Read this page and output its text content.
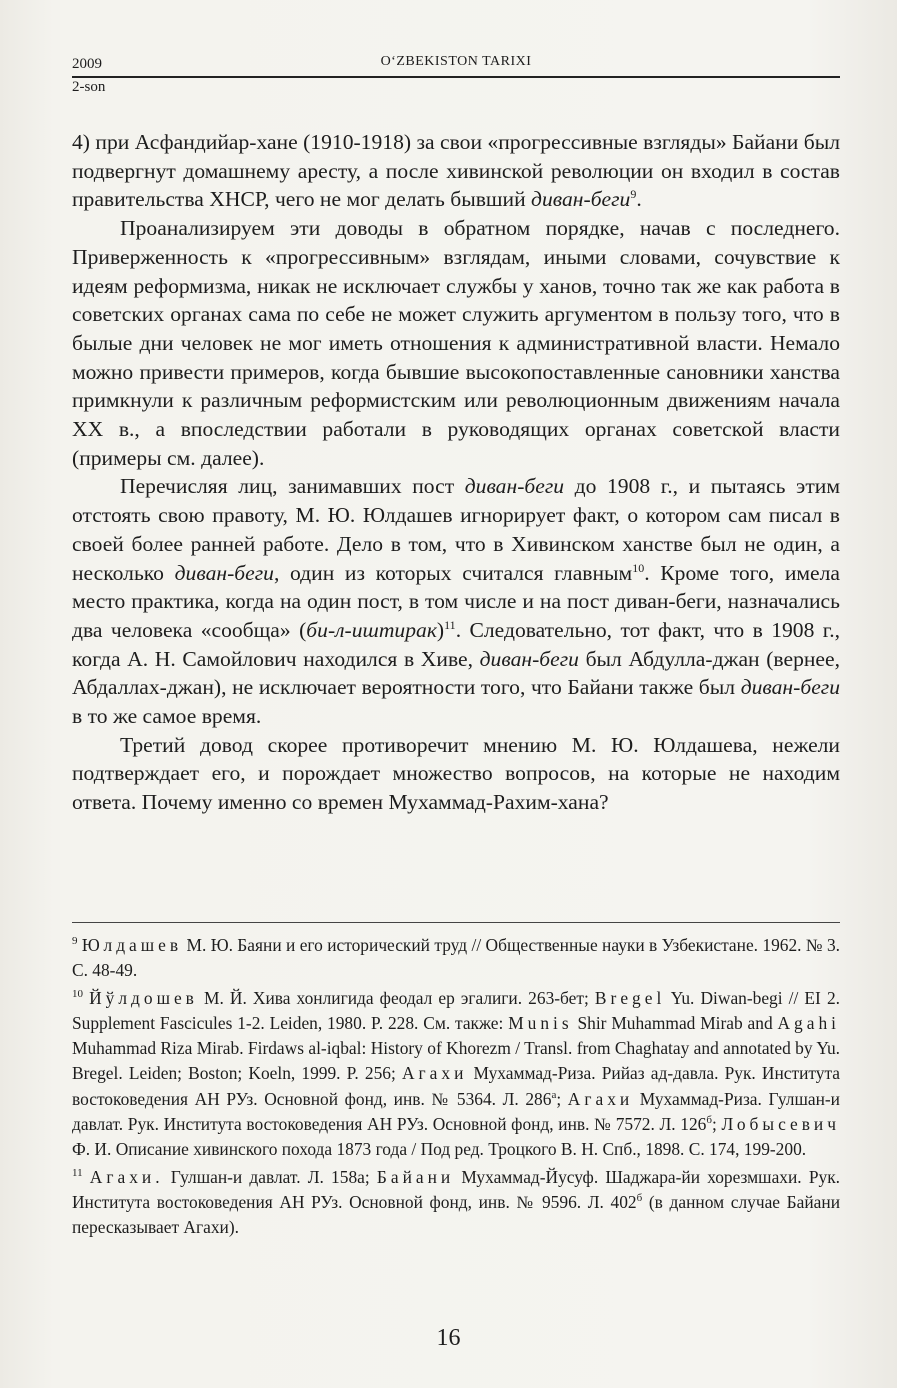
2009	O‘ZBEKISTON TARIXI
2-son

4) при Асфандийар-хане (1910-1918) за свои «прогрессивные взгляды» Байани был подвергнут домашнему аресту, а после хивинской революции он входил в состав правительства ХНСР, чего не мог делать бывший диван-беги$^9$.

Проанализируем эти доводы в обратном порядке, начав с последнего. Приверженность к «прогрессивным» взглядам, иными словами, сочувствие к идеям реформизма, никак не исключает службы у ханов, точно так же как работа в советских органах сама по себе не может служить аргументом в пользу того, что в былые дни человек не мог иметь отношения к административной власти. Немало можно привести примеров, когда бывшие высокопоставленные сановники ханства примкнули к различным реформистским или революционным движениям начала XX в., а впоследствии работали в руководящих органах советской власти (примеры см. далее).

Перечисляя лиц, занимавших пост диван-беги до 1908 г., и пытаясь этим отстоять свою правоту, М. Ю. Юлдашев игнорирует факт, о котором сам писал в своей более ранней работе. Дело в том, что в Хивинском ханстве был не один, а несколько диван-беги, один из которых считался главным$^{10}$. Кроме того, имела место практика, когда на один пост, в том числе и на пост диван-беги, назначались два человека «сообща» (би-л-иштирак)$^{11}$. Следовательно, тот факт, что в 1908 г., когда А. Н. Самойлович находился в Хиве, диван-беги был Абдулла-джан (вернее, Абдаллах-джан), не исключает вероятности того, что Байани также был диван-беги в то же самое время.

Третий довод скорее противоречит мнению М. Ю. Юлдашева, нежели подтверждает его, и порождает множество вопросов, на которые не находим ответа. Почему именно со времен Мухаммад-Рахим-хана?

$^9$ Юлдашев М. Ю. Баяни и его исторический труд // Общественные науки в Узбекистане. 1962. № 3. С. 48-49.

$^{10}$ Йўлдошев М. Й. Хива хонлигида феодал ер эгалиги. 263-бет; Bregel Yu. Diwan-begi // EI 2. Supplement Fascicules 1-2. Leiden, 1980. P. 228. См. также: Munis Shir Muhammad Mirab and Agahi Muhammad Riza Mirab. Firdaws al-iqbal: History of Khorezm / Transl. from Chaghatay and annotated by Yu. Bregel. Leiden; Boston; Koeln, 1999. P. 256; Агахи Мухаммад-Риза. Рийаз ад-давла. Рук. Института востоковедения АН РУз. Основной фонд, инв. № 5364. Л. $286^а$; Агахи Мухаммад-Риза. Гулшан-и давлат. Рук. Института востоковедения АН РУз. Основной фонд, инв. № 7572. Л. $126^б$; Лобысевич Ф. И. Описание хивинского похода 1873 года / Под ред. Троцкого В. Н. Спб., 1898. С. 174, 199-200.

$^{11}$ Агахи. Гулшан-и давлат. Л. 158а; Байани Мухаммад-Йусуф. Шаджара-йи хорезмшахи. Рук. Института востоковедения АН РУз. Основной фонд, инв. № 9596. Л. $402^б$ (в данном случае Байани пересказывает Агахи).

16
